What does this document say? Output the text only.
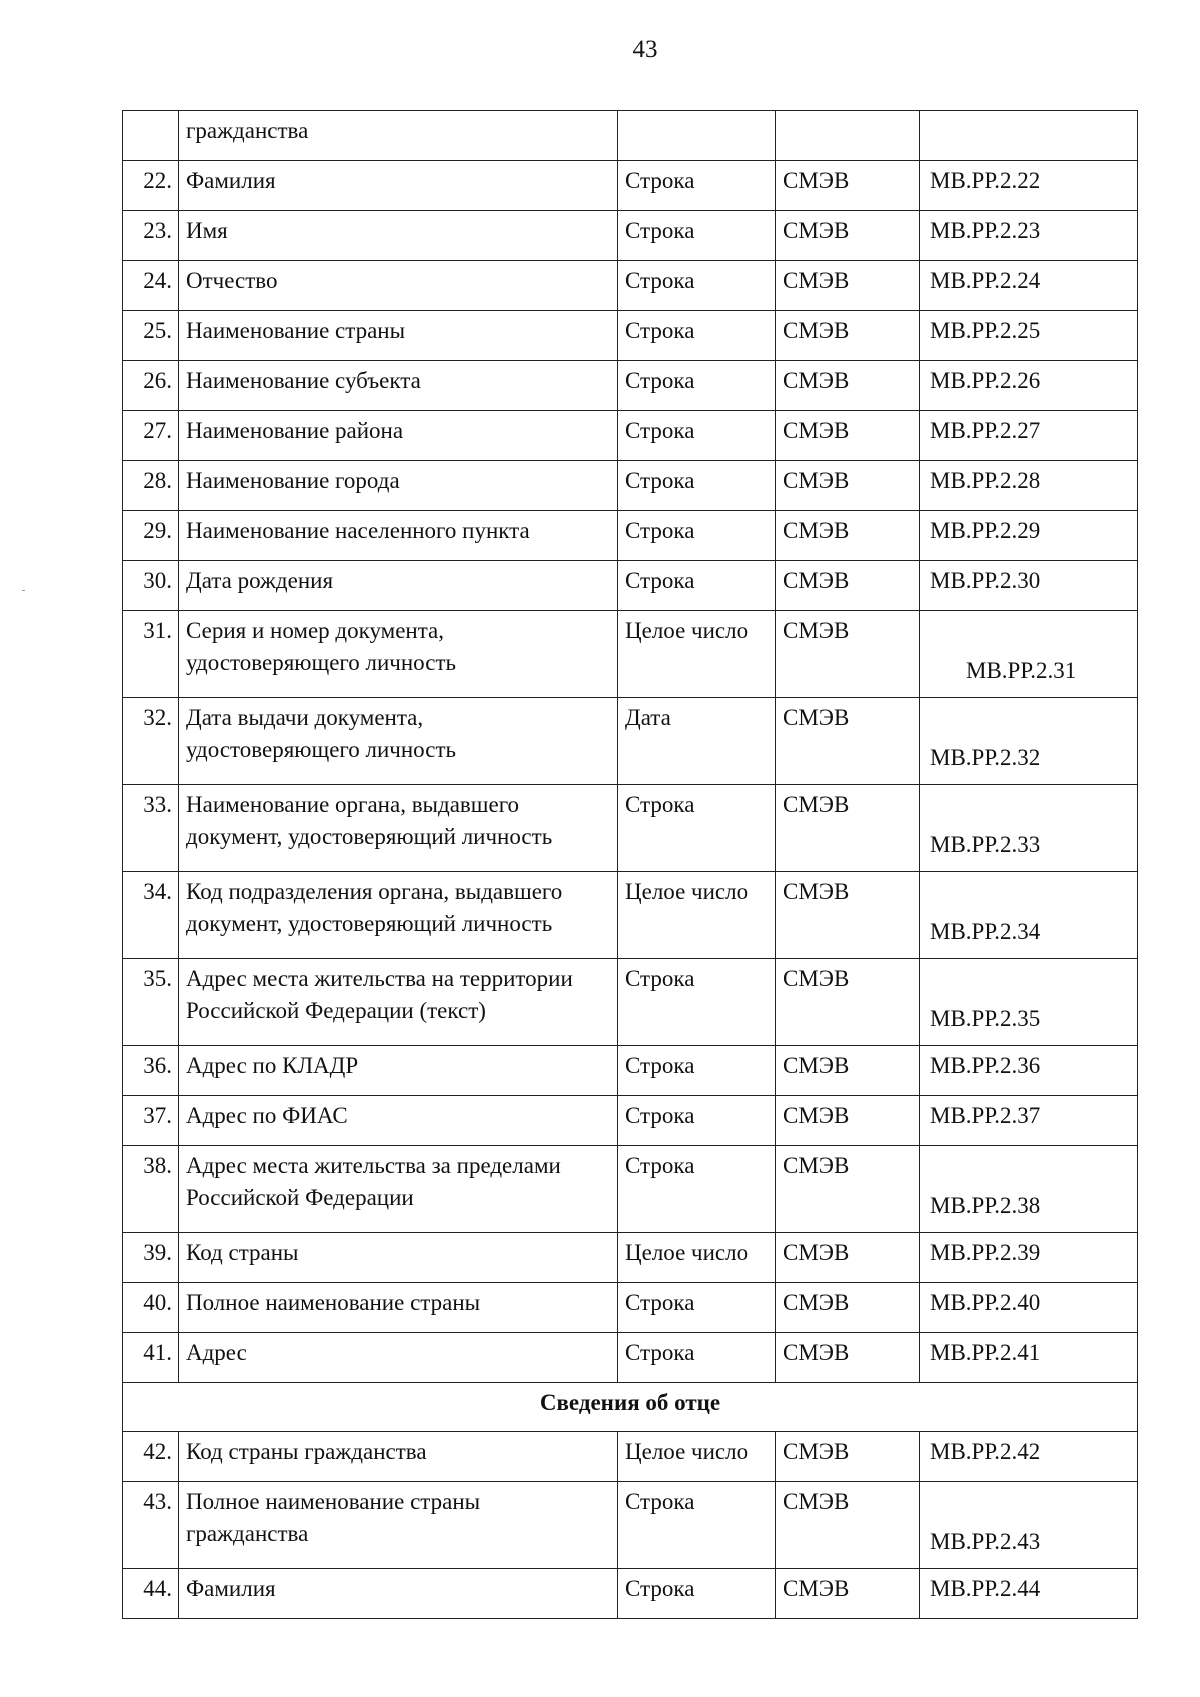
43
	гражданства			
22.	Фамилия	Строка	СМЭВ	МВ.РР.2.22
23.	Имя	Строка	СМЭВ	МВ.РР.2.23
24.	Отчество	Строка	СМЭВ	МВ.РР.2.24
25.	Наименование страны	Строка	СМЭВ	МВ.РР.2.25
26.	Наименование субъекта	Строка	СМЭВ	МВ.РР.2.26
27.	Наименование района	Строка	СМЭВ	МВ.РР.2.27
28.	Наименование города	Строка	СМЭВ	МВ.РР.2.28
29.	Наименование населенного пункта	Строка	СМЭВ	МВ.РР.2.29
30.	Дата рождения	Строка	СМЭВ	МВ.РР.2.30
31.	Серия и номер документа,
удостоверяющего личность	Целое число	СМЭВ	МВ.РР.2.31
32.	Дата выдачи документа,
удостоверяющего личность	Дата	СМЭВ	МВ.РР.2.32
33.	Наименование органа, выдавшего
документ, удостоверяющий личность	Строка	СМЭВ	МВ.РР.2.33
34.	Код подразделения органа, выдавшего
документ, удостоверяющий личность	Целое число	СМЭВ	МВ.РР.2.34
35.	Адрес места жительства на территории
Российской Федерации (текст)	Строка	СМЭВ	МВ.РР.2.35
36.	Адрес по КЛАДР	Строка	СМЭВ	МВ.РР.2.36
37.	Адрес по ФИАС	Строка	СМЭВ	МВ.РР.2.37
38.	Адрес места жительства за пределами
Российской Федерации	Строка	СМЭВ	МВ.РР.2.38
39.	Код страны	Целое число	СМЭВ	МВ.РР.2.39
40.	Полное наименование страны	Строка	СМЭВ	МВ.РР.2.40
41.	Адрес	Строка	СМЭВ	МВ.РР.2.41
Сведения об отце				
42.	Код страны гражданства	Целое число	СМЭВ	МВ.РР.2.42
43.	Полное наименование страны
гражданства	Строка	СМЭВ	МВ.РР.2.43
44.	Фамилия	Строка	СМЭВ	МВ.РР.2.44
